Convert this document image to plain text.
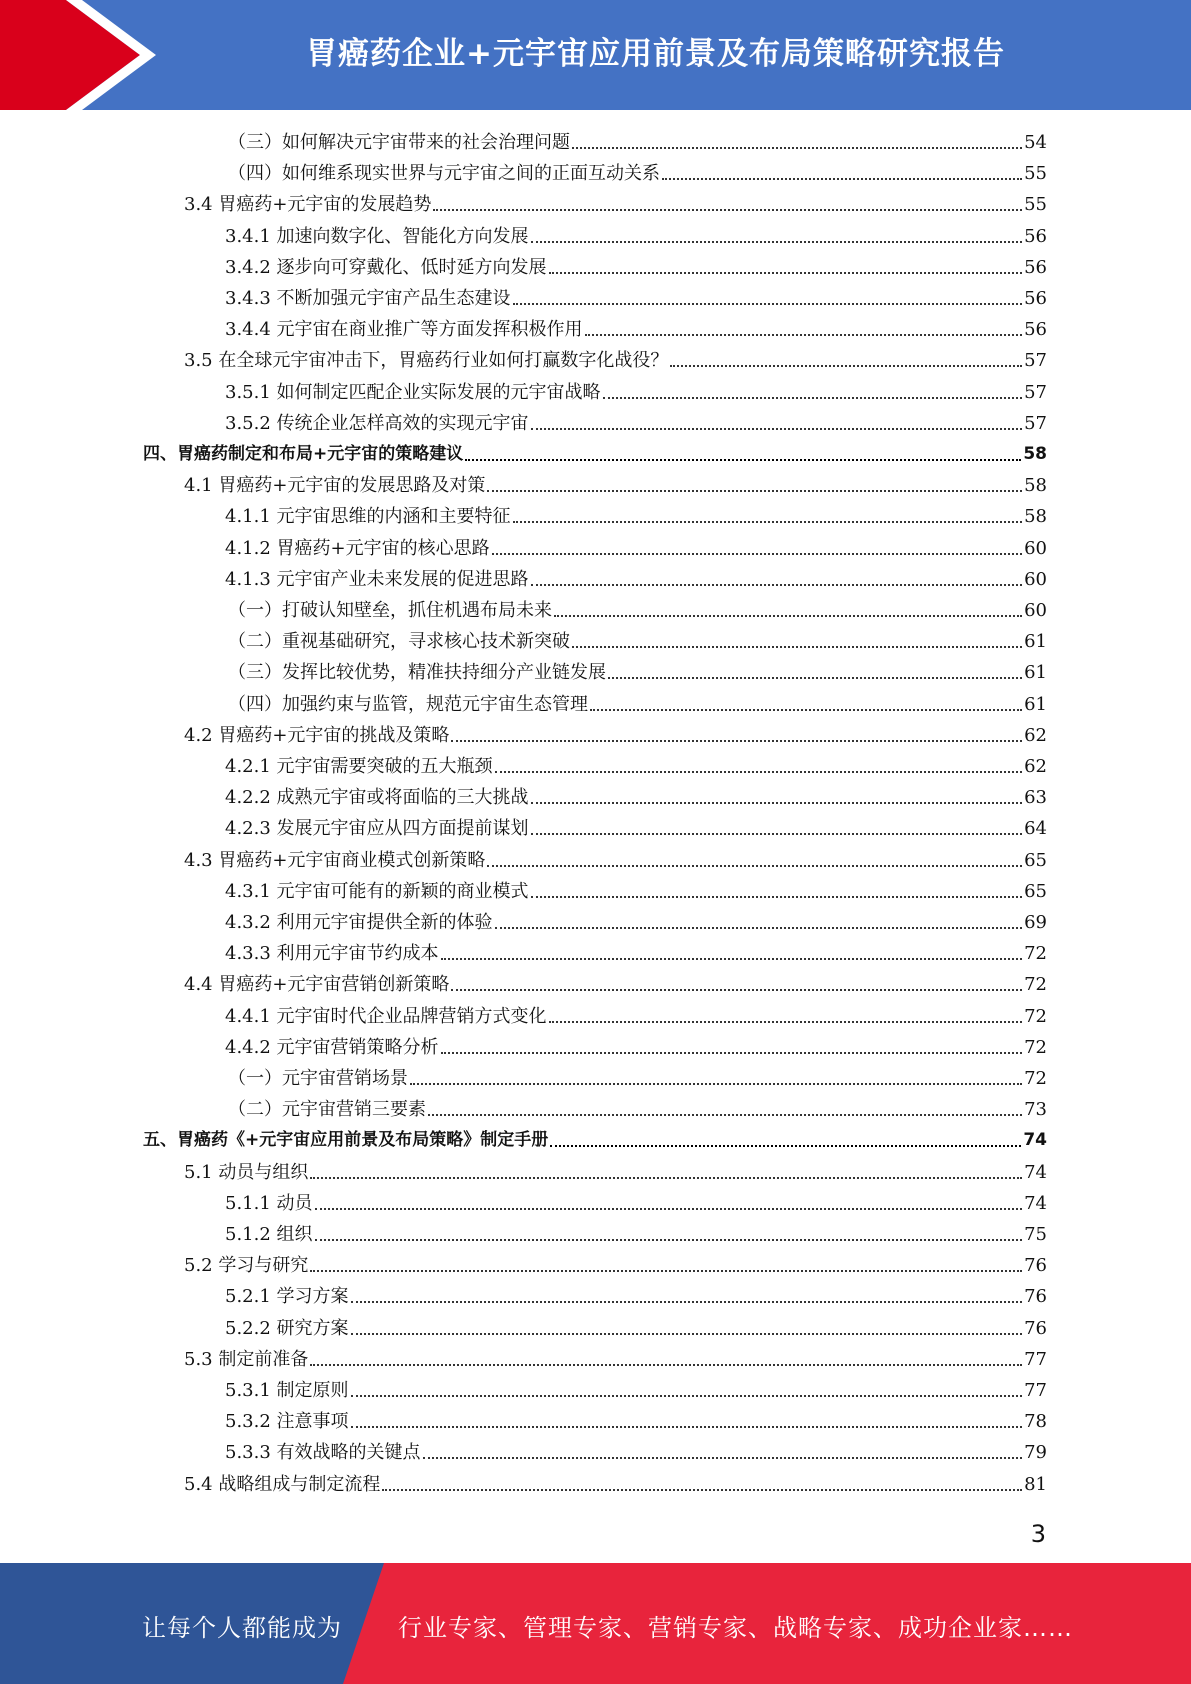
胃癌药企业+元宇宙应用前景及布局策略研究报告
（三）如何解决元宇宙带来的社会治理问题	54
（四）如何维系现实世界与元宇宙之间的正面互动关系	55
3.4 胃癌药+元宇宙的发展趋势	55
3.4.1 加速向数字化、智能化方向发展	56
3.4.2 逐步向可穿戴化、低时延方向发展	56
3.4.3 不断加强元宇宙产品生态建设	56
3.4.4 元宇宙在商业推广等方面发挥积极作用	56
3.5 在全球元宇宙冲击下，胃癌药行业如何打赢数字化战役？	57
3.5.1 如何制定匹配企业实际发展的元宇宙战略	57
3.5.2 传统企业怎样高效的实现元宇宙	57
四、胃癌药制定和布局+元宇宙的策略建议	58
4.1 胃癌药+元宇宙的发展思路及对策	58
4.1.1 元宇宙思维的内涵和主要特征	58
4.1.2 胃癌药+元宇宙的核心思路	60
4.1.3 元宇宙产业未来发展的促进思路	60
（一）打破认知壁垒，抓住机遇布局未来	60
（二）重视基础研究，寻求核心技术新突破	61
（三）发挥比较优势，精准扶持细分产业链发展	61
（四）加强约束与监管，规范元宇宙生态管理	61
4.2 胃癌药+元宇宙的挑战及策略	62
4.2.1 元宇宙需要突破的五大瓶颈	62
4.2.2 成熟元宇宙或将面临的三大挑战	63
4.2.3 发展元宇宙应从四方面提前谋划	64
4.3 胃癌药+元宇宙商业模式创新策略	65
4.3.1 元宇宙可能有的新颖的商业模式	65
4.3.2 利用元宇宙提供全新的体验	69
4.3.3 利用元宇宙节约成本	72
4.4 胃癌药+元宇宙营销创新策略	72
4.4.1 元宇宙时代企业品牌营销方式变化	72
4.4.2 元宇宙营销策略分析	72
（一）元宇宙营销场景	72
（二）元宇宙营销三要素	73
五、胃癌药《+元宇宙应用前景及布局策略》制定手册	74
5.1 动员与组织	74
5.1.1 动员	74
5.1.2 组织	75
5.2 学习与研究	76
5.2.1 学习方案	76
5.2.2 研究方案	76
5.3 制定前准备	77
5.3.1 制定原则	77
5.3.2 注意事项	78
5.3.3 有效战略的关键点	79
5.4 战略组成与制定流程	81
3
让每个人都能成为 行业专家、管理专家、营销专家、战略专家、成功企业家……
